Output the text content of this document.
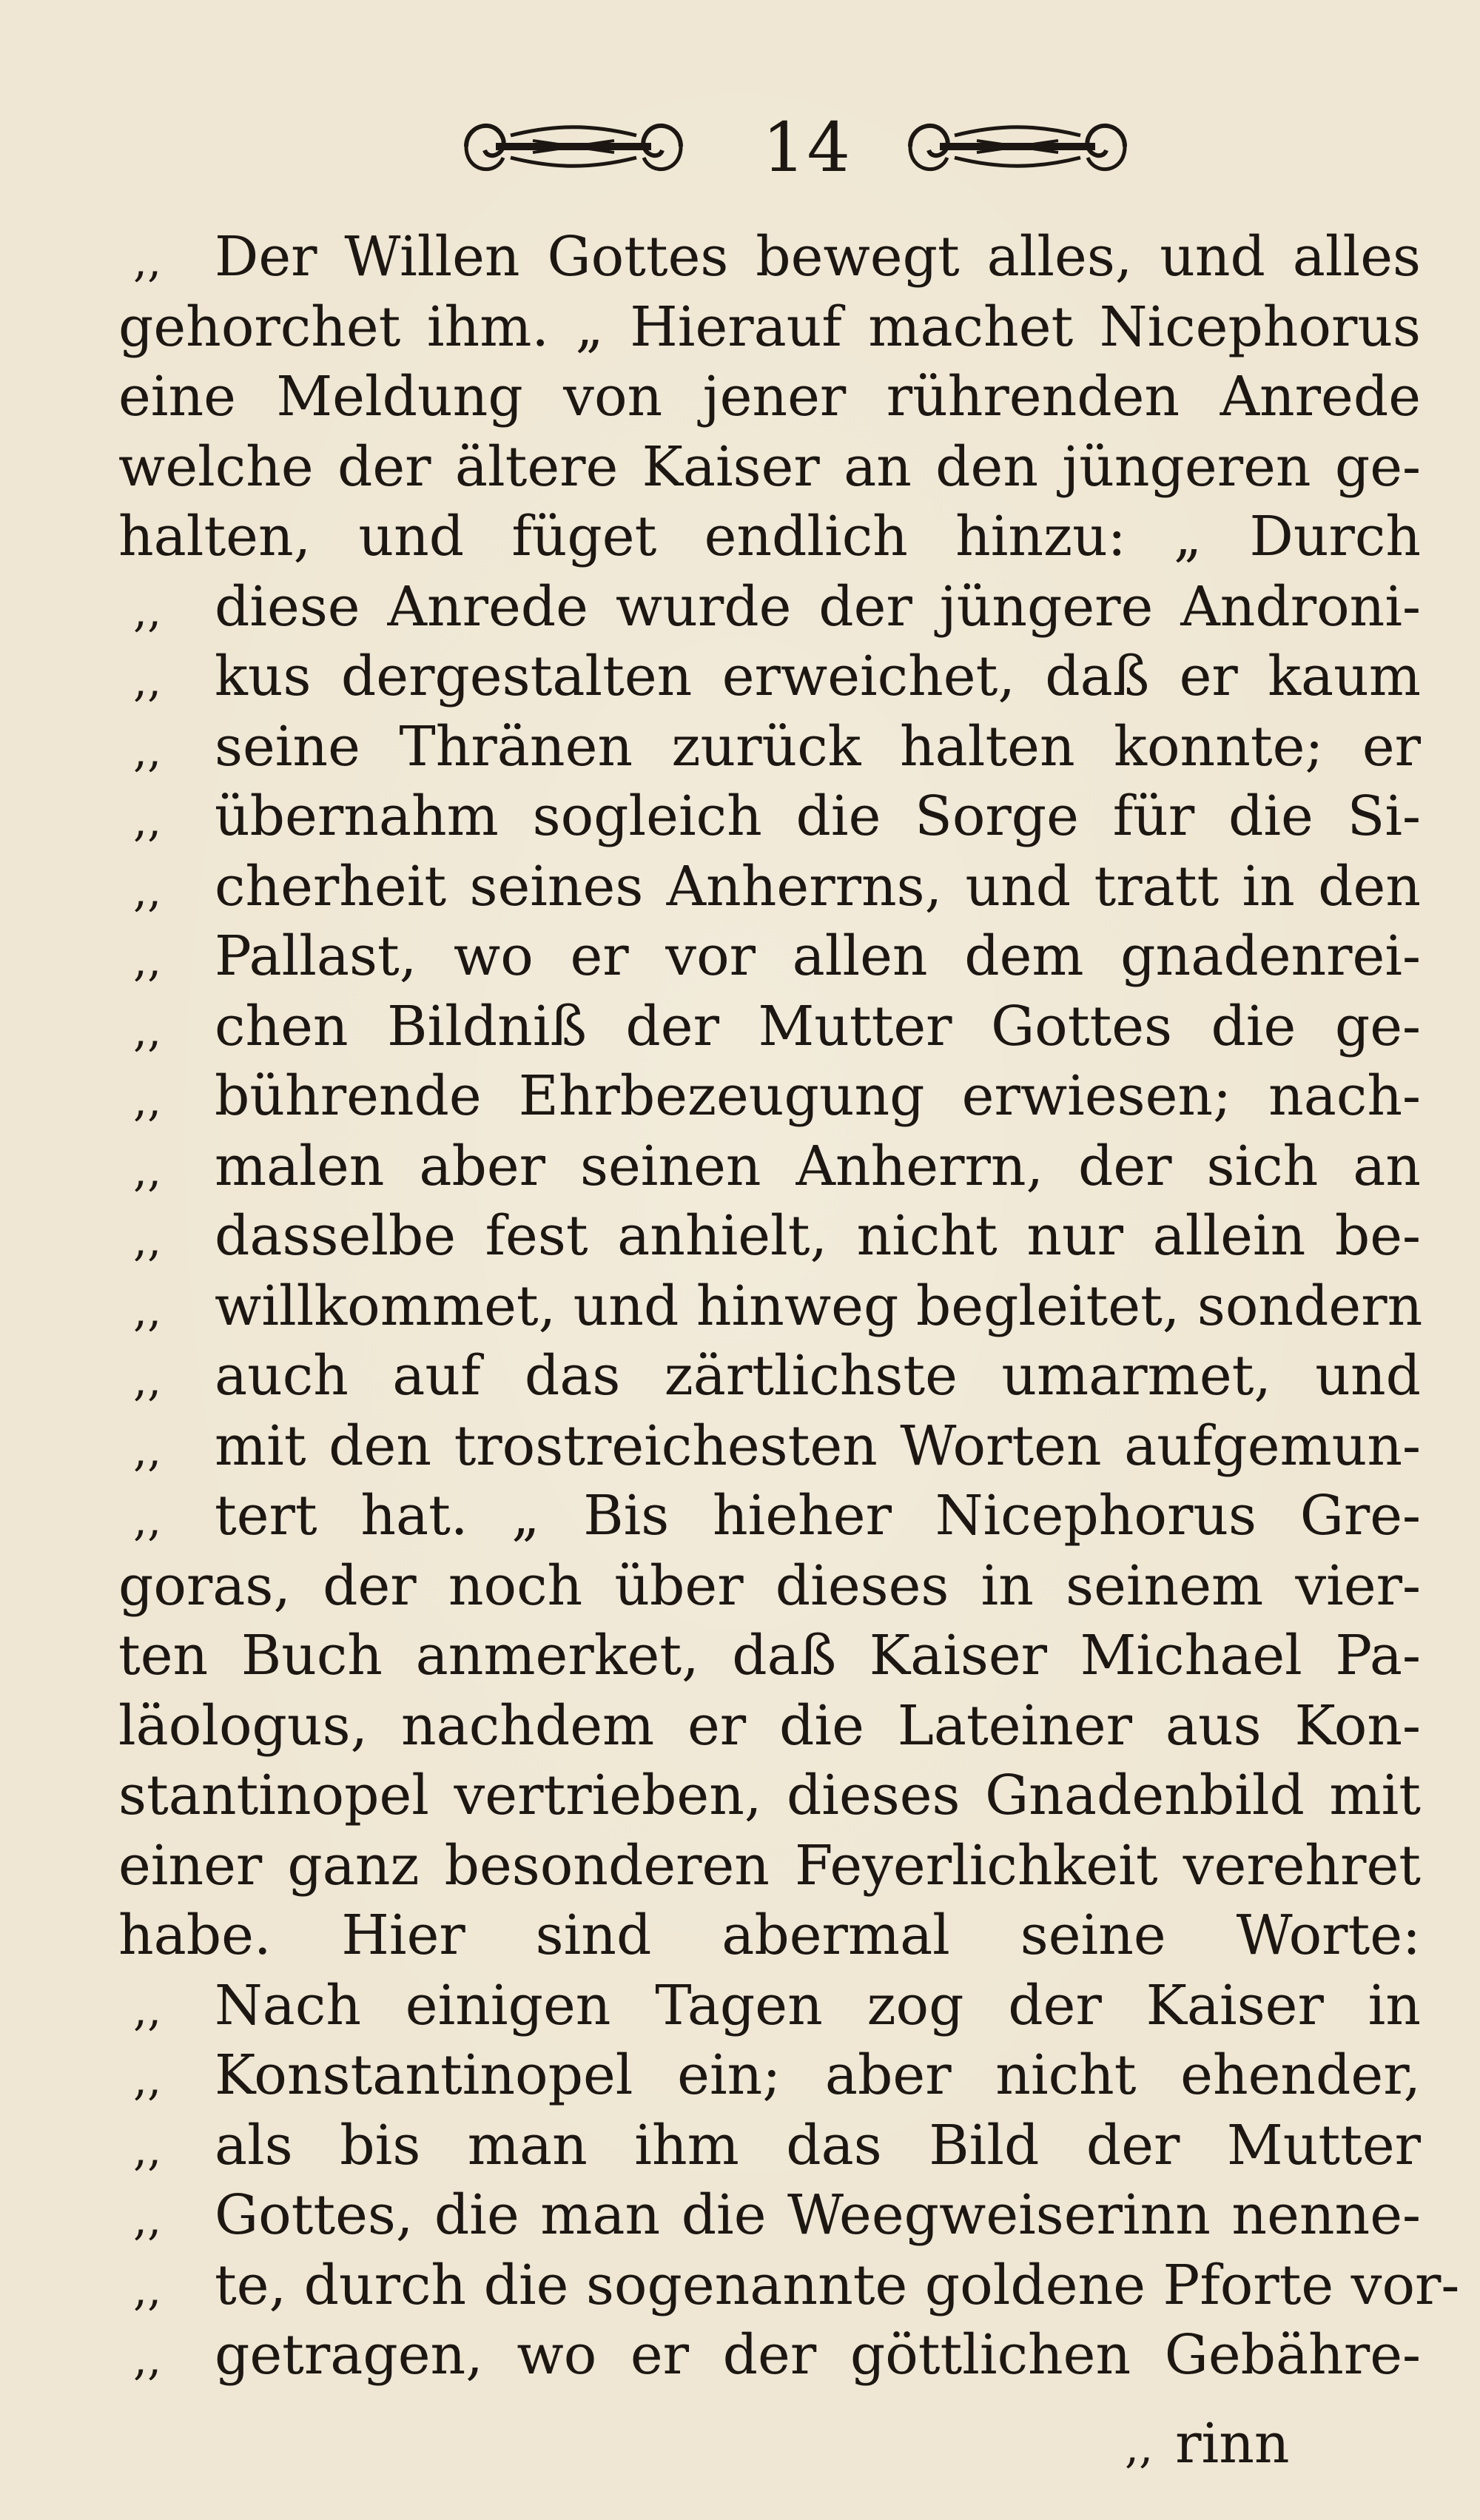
14
,, Der Willen Gottes bewegt alles, und alles
gehorchet ihm. „ Hierauf machet Nicephorus
eine Meldung von jener rührenden Anrede
welche der ältere Kaiser an den jüngeren ge-
halten, und füget endlich hinzu: „ Durch
,, diese Anrede wurde der jüngere Androni-
,, kus dergestalten erweichet, daß er kaum
,, seine Thränen zurück halten konnte; er
,, übernahm sogleich die Sorge für die Si-
,, cherheit seines Anherrns, und tratt in den
,, Pallast, wo er vor allen dem gnadenrei-
,, chen Bildniß der Mutter Gottes die ge-
,, bührende Ehrbezeugung erwiesen; nach-
,, malen aber seinen Anherrn, der sich an
,, dasselbe fest anhielt, nicht nur allein be-
,, willkommet, und hinweg begleitet, sondern
,, auch auf das zärtlichste umarmet, und
,, mit den trostreichesten Worten aufgemun-
,, tert hat. „ Bis hieher Nicephorus Gre-
goras, der noch über dieses in seinem vier-
ten Buch anmerket, daß Kaiser Michael Pa-
läologus, nachdem er die Lateiner aus Kon-
stantinopel vertrieben, dieses Gnadenbild mit
einer ganz besonderen Feyerlichkeit verehret
habe. Hier sind abermal seine Worte:
,, Nach einigen Tagen zog der Kaiser in
,, Konstantinopel ein; aber nicht ehender,
,, als bis man ihm das Bild der Mutter
,, Gottes, die man die Weegweiserinn nenne-
,, te, durch die sogenannte goldene Pforte vor-
,, getragen, wo er der göttlichen Gebähre-
,, rinn
